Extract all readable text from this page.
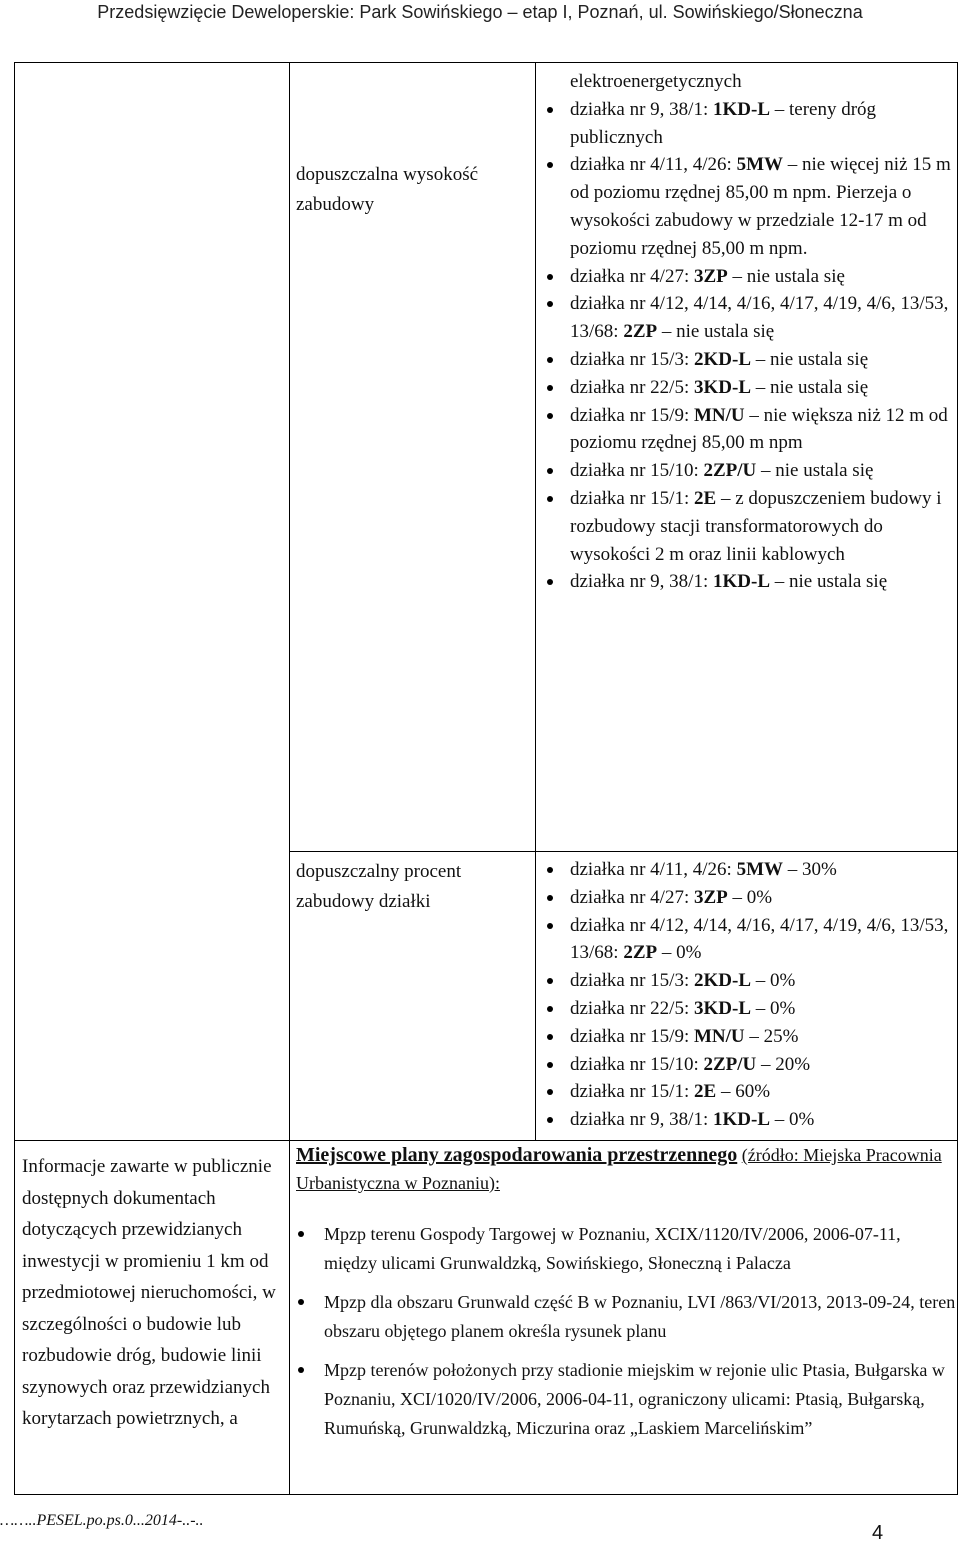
Przedsięwzięcie Deweloperskie: Park Sowińskiego – etap I, Poznań, ul. Sowińskiego/Słoneczna
dopuszczalna wysokość zabudowy
elektroenergetycznych
działka nr 9, 38/1: 1KD-L – tereny dróg publicznych
działka nr 4/11, 4/26: 5MW – nie więcej niż 15 m od poziomu rzędnej 85,00 m npm. Pierzeja o wysokości zabudowy w przedziale 12-17 m od poziomu rzędnej 85,00 m npm.
działka nr 4/27: 3ZP – nie ustala się
działka nr 4/12, 4/14, 4/16, 4/17, 4/19, 4/6, 13/53, 13/68: 2ZP – nie ustala się
działka nr 15/3: 2KD-L – nie ustala się
działka nr 22/5: 3KD-L – nie ustala się
działka nr 15/9: MN/U – nie większa niż 12 m od poziomu rzędnej 85,00 m npm
działka nr 15/10: 2ZP/U – nie ustala się
działka nr 15/1: 2E – z dopuszczeniem budowy i rozbudowy stacji transformatorowych do wysokości 2 m oraz linii kablowych
działka nr 9, 38/1: 1KD-L – nie ustala się
dopuszczalny procent zabudowy działki
działka nr 4/11, 4/26: 5MW – 30%
działka nr 4/27: 3ZP – 0%
działka nr 4/12, 4/14, 4/16, 4/17, 4/19, 4/6, 13/53, 13/68: 2ZP – 0%
działka nr 15/3: 2KD-L – 0%
działka nr 22/5: 3KD-L – 0%
działka nr 15/9: MN/U – 25%
działka nr 15/10: 2ZP/U – 20%
działka nr 15/1: 2E – 60%
działka nr 9, 38/1: 1KD-L – 0%
Informacje zawarte w publicznie dostępnych dokumentach dotyczących przewidzianych inwestycji w promieniu 1 km od przedmiotowej nieruchomości, w szczególności o budowie lub rozbudowie dróg, budowie linii szynowych oraz przewidzianych korytarzach powietrznych, a
Miejscowe plany zagospodarowania przestrzennego (źródło: Miejska Pracownia Urbanistyczna w Poznaniu):
Mpzp terenu Gospody Targowej w Poznaniu, XCIX/1120/IV/2006, 2006-07-11, między ulicami Grunwaldzką, Sowińskiego, Słoneczną i Palacza
Mpzp dla obszaru Grunwald część B w Poznaniu, LVI /863/VI/2013, 2013-09-24, teren obszaru objętego planem określa rysunek planu
Mpzp terenów położonych przy stadionie miejskim w rejonie ulic Ptasia, Bułgarska w Poznaniu, XCI/1020/IV/2006, 2006-04-11, ograniczony ulicami: Ptasią, Bułgarską, Rumuńską, Grunwaldzką, Miczurina oraz „Laskiem Marcelińskim”
……..PESEL.po.ps.0...2014-..-..
4
